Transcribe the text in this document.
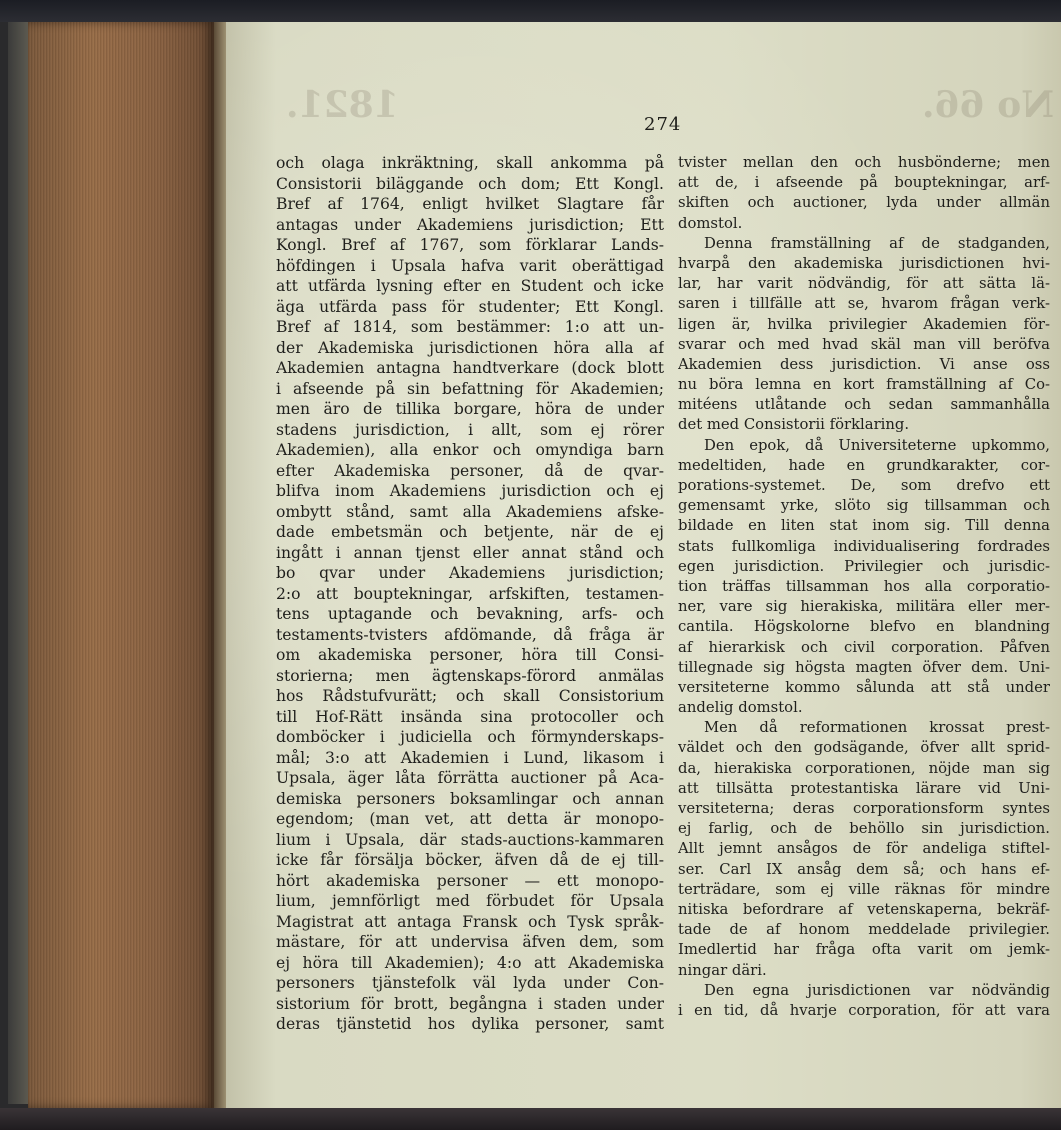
1821.	No 66.
274
och olaga inkräktning, skall ankomma på
Consistorii biläggande och dom; Ett Kongl.
Bref af 1764, enligt hvilket Slagtare får
antagas under Akademiens jurisdiction; Ett
Kongl. Bref af 1767, som förklarar Lands-
höfdingen i Upsala hafva varit oberättigad
att utfärda lysning efter en Student och icke
äga utfärda pass för studenter; Ett Kongl.
Bref af 1814, som bestämmer: 1:o att un-
der Akademiska jurisdictionen höra alla af
Akademien antagna handtverkare (dock blott
i afseende på sin befattning för Akademien;
men äro de tillika borgare, höra de under
stadens jurisdiction, i allt, som ej rörer
Akademien), alla enkor och omyndiga barn
efter Akademiska personer, då de qvar-
blifva inom Akademiens jurisdiction och ej
ombytt stånd, samt alla Akademiens afske-
dade embetsmän och betjente, när de ej
ingått i annan tjenst eller annat stånd och
bo qvar under Akademiens jurisdiction;
2:o att bouptekningar, arfskiften, testamen-
tens uptagande och bevakning, arfs- och
testaments-tvisters afdömande, då fråga är
om akademiska personer, höra till Consi-
storierna; men ägtenskaps-förord anmälas
hos Rådstufvurätt; och skall Consistorium
till Hof-Rätt insända sina protocoller och
domböcker i judiciella och förmynderskaps-
mål; 3:o att Akademien i Lund, likasom i
Upsala, äger låta förrätta auctioner på Aca-
demiska personers boksamlingar och annan
egendom; (man vet, att detta är monopo-
lium i Upsala, där stads-auctions-kammaren
icke får försälja böcker, äfven då de ej till-
hört akademiska personer — ett monopo-
lium, jemnförligt med förbudet för Upsala
Magistrat att antaga Fransk och Tysk språk-
mästare, för att undervisa äfven dem, som
ej höra till Akademien); 4:o att Akademiska
personers tjänstefolk väl lyda under Con-
sistorium för brott, begångna i staden under
deras tjänstetid hos dylika personer, samt
tvister mellan den och husbönderne; men
att de, i afseende på bouptekningar, arf-
skiften och auctioner, lyda under allmän
domstol.
Denna framställning af de stadganden,
hvarpå den akademiska jurisdictionen hvi-
lar, har varit nödvändig, för att sätta lä-
saren i tillfälle att se, hvarom frågan verk-
ligen är, hvilka privilegier Akademien för-
svarar och med hvad skäl man vill beröfva
Akademien dess jurisdiction. Vi anse oss
nu böra lemna en kort framställning af Co-
mitéens utlåtande och sedan sammanhålla
det med Consistorii förklaring.
Den epok, då Universiteterne upkommo,
medeltiden, hade en grundkarakter, cor-
porations-systemet. De, som drefvo ett
gemensamt yrke, slöto sig tillsamman och
bildade en liten stat inom sig. Till denna
stats fullkomliga individualisering fordrades
egen jurisdiction. Privilegier och jurisdic-
tion träffas tillsamman hos alla corporatio-
ner, vare sig hierakiska, militära eller mer-
cantila. Högskolorne blefvo en blandning
af hierarkisk och civil corporation. Påfven
tillegnade sig högsta magten öfver dem. Uni-
versiteterne kommo sålunda att stå under
andelig domstol.
Men då reformationen krossat prest-
väldet och den godsägande, öfver allt sprid-
da, hierakiska corporationen, nöjde man sig
att tillsätta protestantiska lärare vid Uni-
versiteterna; deras corporationsform syntes
ej farlig, och de behöllo sin jurisdiction.
Allt jemnt ansågos de för andeliga stiftel-
ser. Carl IX ansåg dem så; och hans ef-
terträdare, som ej ville räknas för mindre
nitiska befordrare af vetenskaperna, bekräf-
tade de af honom meddelade privilegier.
Imedlertid har fråga ofta varit om jemk-
ningar däri.
Den egna jurisdictionen var nödvändig
i en tid, då hvarje corporation, för att vara
